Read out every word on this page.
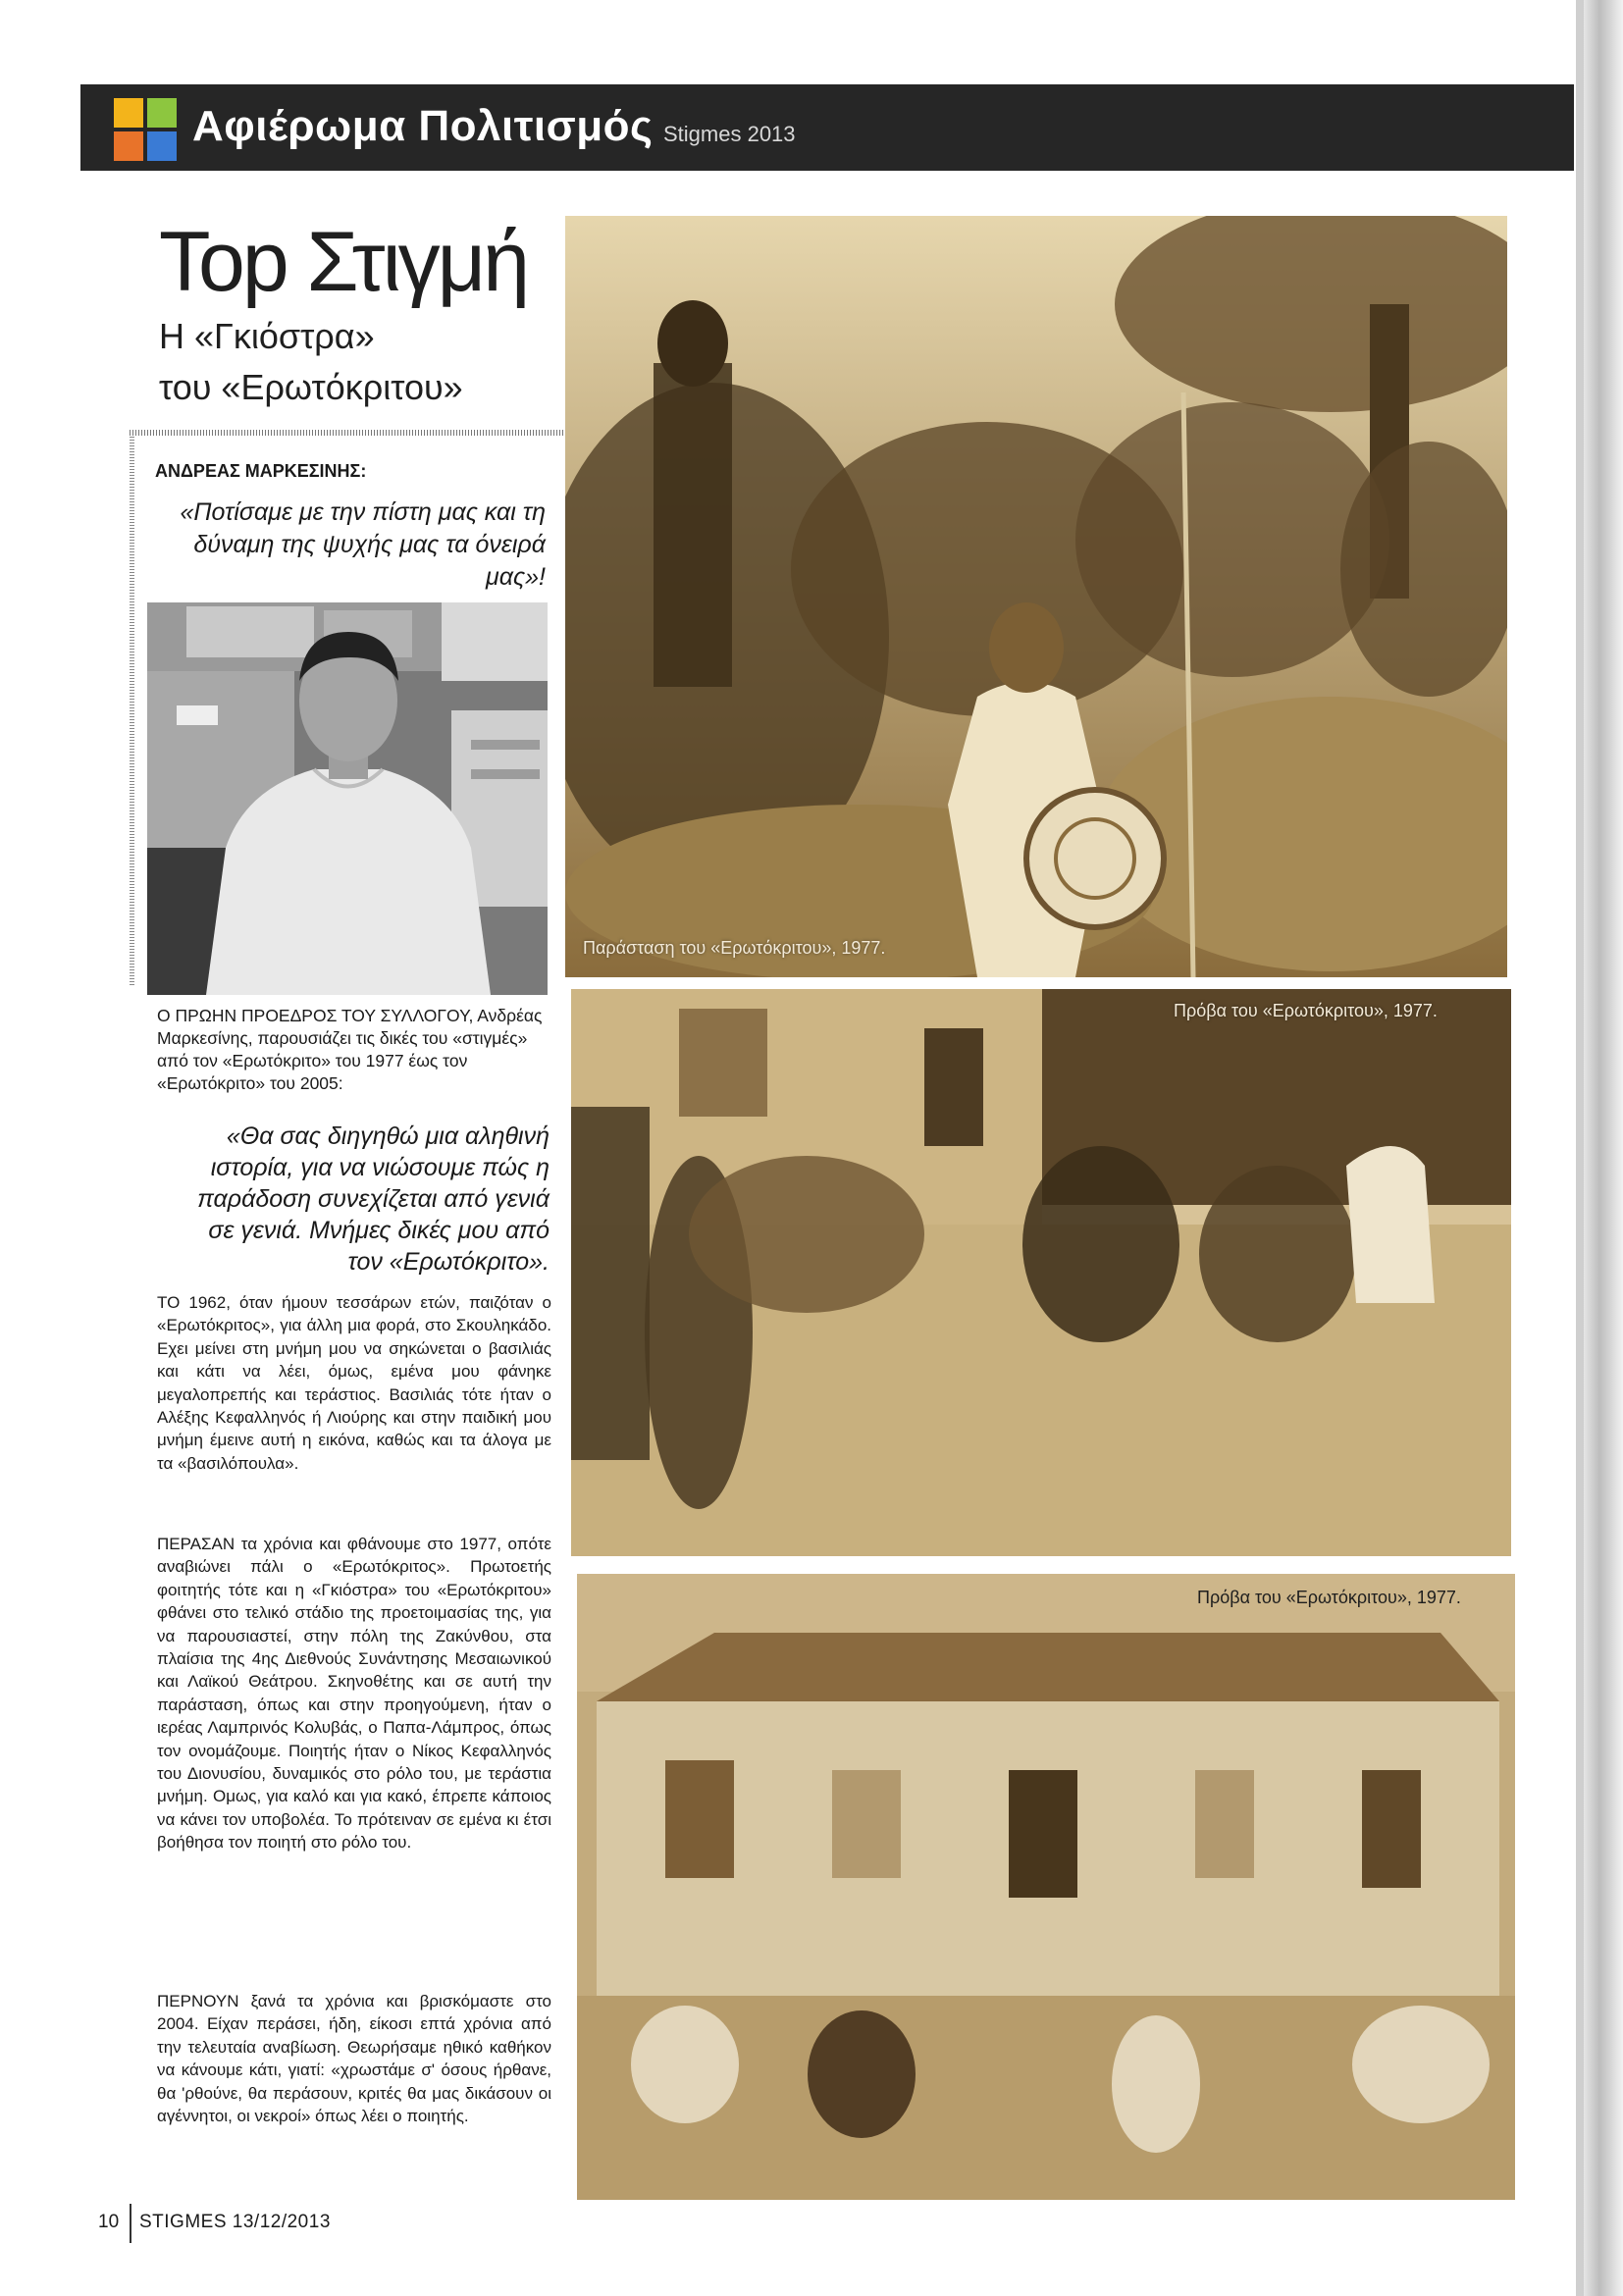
Αφιέρωμα Πολιτισμός Stigmes 2013
Top Στιγμή
Η «Γκιόστρα»
του «Ερωτόκριτου»
ΑΝΔΡΕΑΣ ΜΑΡΚΕΣΙΝΗΣ:
«Ποτίσαμε με την πίστη μας και τη δύναμη της ψυχής μας τα όνειρά μας»!
Ο ΠΡΩΗΝ ΠΡΟΕΔΡΟΣ ΤΟΥ ΣΥΛΛΟΓΟΥ, Ανδρέας Μαρκεσίνης, παρουσιάζει τις δικές του «στιγμές» από τον «Ερωτόκριτο» του 1977 έως τον «Ερωτόκριτο» του 2005:
«Θα σας διηγηθώ μια αληθινή ιστορία, για να νιώσουμε πώς η παράδοση συνεχίζεται από γενιά σε γενιά. Μνήμες δικές μου από τον «Ερωτόκριτο».
ΤΟ 1962, όταν ήμουν τεσσάρων ετών, παιζόταν ο «Ερωτόκριτος», για άλλη μια φορά, στο Σκουληκάδο. Εχει μείνει στη μνήμη μου να σηκώνεται ο βασιλιάς και κάτι να λέει, όμως, εμένα μου φάνηκε μεγαλοπρεπής και τεράστιος. Βασιλιάς τότε ήταν ο Αλέξης Κεφαλληνός ή Λιούρης και στην παιδική μου μνήμη έμεινε αυτή η εικόνα, καθώς και τα άλογα με τα «βασιλόπουλα».
ΠΕΡΑΣΑΝ τα χρόνια και φθάνουμε στο 1977, οπότε αναβιώνει πάλι ο «Ερωτόκριτος». Πρωτοετής φοιτητής τότε και η «Γκιόστρα» του «Ερωτόκριτου» φθάνει στο τελικό στάδιο της προετοιμασίας της, για να παρουσιαστεί, στην πόλη της Ζακύνθου, στα πλαίσια της 4ης Διεθνούς Συνάντησης Μεσαιωνικού και Λαϊκού Θεάτρου. Σκηνοθέτης και σε αυτή την παράσταση, όπως και στην προηγούμενη, ήταν ο ιερέας Λαμπρινός Κολυβάς, ο Παπα-Λάμπρος, όπως τον ονομάζουμε. Ποιητής ήταν ο Νίκος Κεφαλληνός του Διονυσίου, δυναμικός στο ρόλο του, με τεράστια μνήμη. Ομως, για καλό και για κακό, έπρεπε κάποιος να κάνει τον υποβολέα. Το πρότειναν σε εμένα κι έτσι βοήθησα τον ποιητή στο ρόλο του.
ΠΕΡΝΟΥΝ ξανά τα χρόνια και βρισκόμαστε στο 2004. Είχαν περάσει, ήδη, είκοσι επτά χρόνια από την τελευταία αναβίωση. Θεωρήσαμε ηθικό καθήκον να κάνουμε κάτι, γιατί: «χρωστάμε σ' όσους ήρθανε, θα 'ρθούνε, θα περάσουν, κριτές θα μας δικάσουν οι αγέννητοι, οι νεκροί» όπως λέει ο ποιητής.
Παράσταση του «Ερωτόκριτου», 1977.
Πρόβα του «Ερωτόκριτου», 1977.
Πρόβα του «Ερωτόκριτου», 1977.
10 STIGMES 13/12/2013
